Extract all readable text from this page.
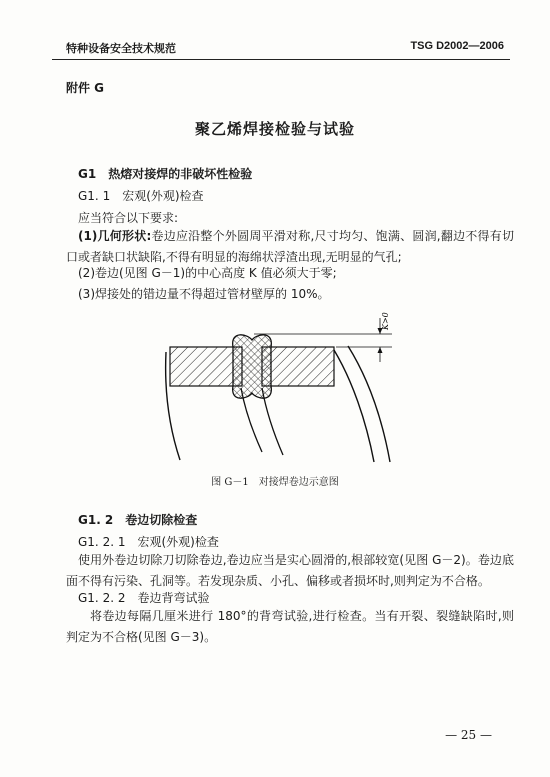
特种设备安全技术规范	TSG D2002—2006
附件 G
聚乙烯焊接检验与试验
G1　热熔对接焊的非破坏性检验
G1. 1　宏观(外观)检查
应当符合以下要求:
(1)几何形状:卷边应沿整个外圆周平滑对称,尺寸均匀、饱满、圆润,翻边不得有切口或者缺口状缺陷,不得有明显的海绵状浮渣出现,无明显的气孔;
(2)卷边(见图 G－1)的中心高度 K 值必须大于零;
(3)焊接处的错边量不得超过管材壁厚的 10%。
K>0
图 G－1　对接焊卷边示意图
G1. 2　卷边切除检查
G1. 2. 1　宏观(外观)检查
使用外卷边切除刀切除卷边,卷边应当是实心圆滑的,根部较宽(见图 G－2)。卷边底面不得有污染、孔洞等。若发现杂质、小孔、偏移或者损坏时,则判定为不合格。
G1. 2. 2　卷边背弯试验
将卷边每隔几厘米进行 180°的背弯试验,进行检查。当有开裂、裂缝缺陷时,则判定为不合格(见图 G－3)。
— 25 —
